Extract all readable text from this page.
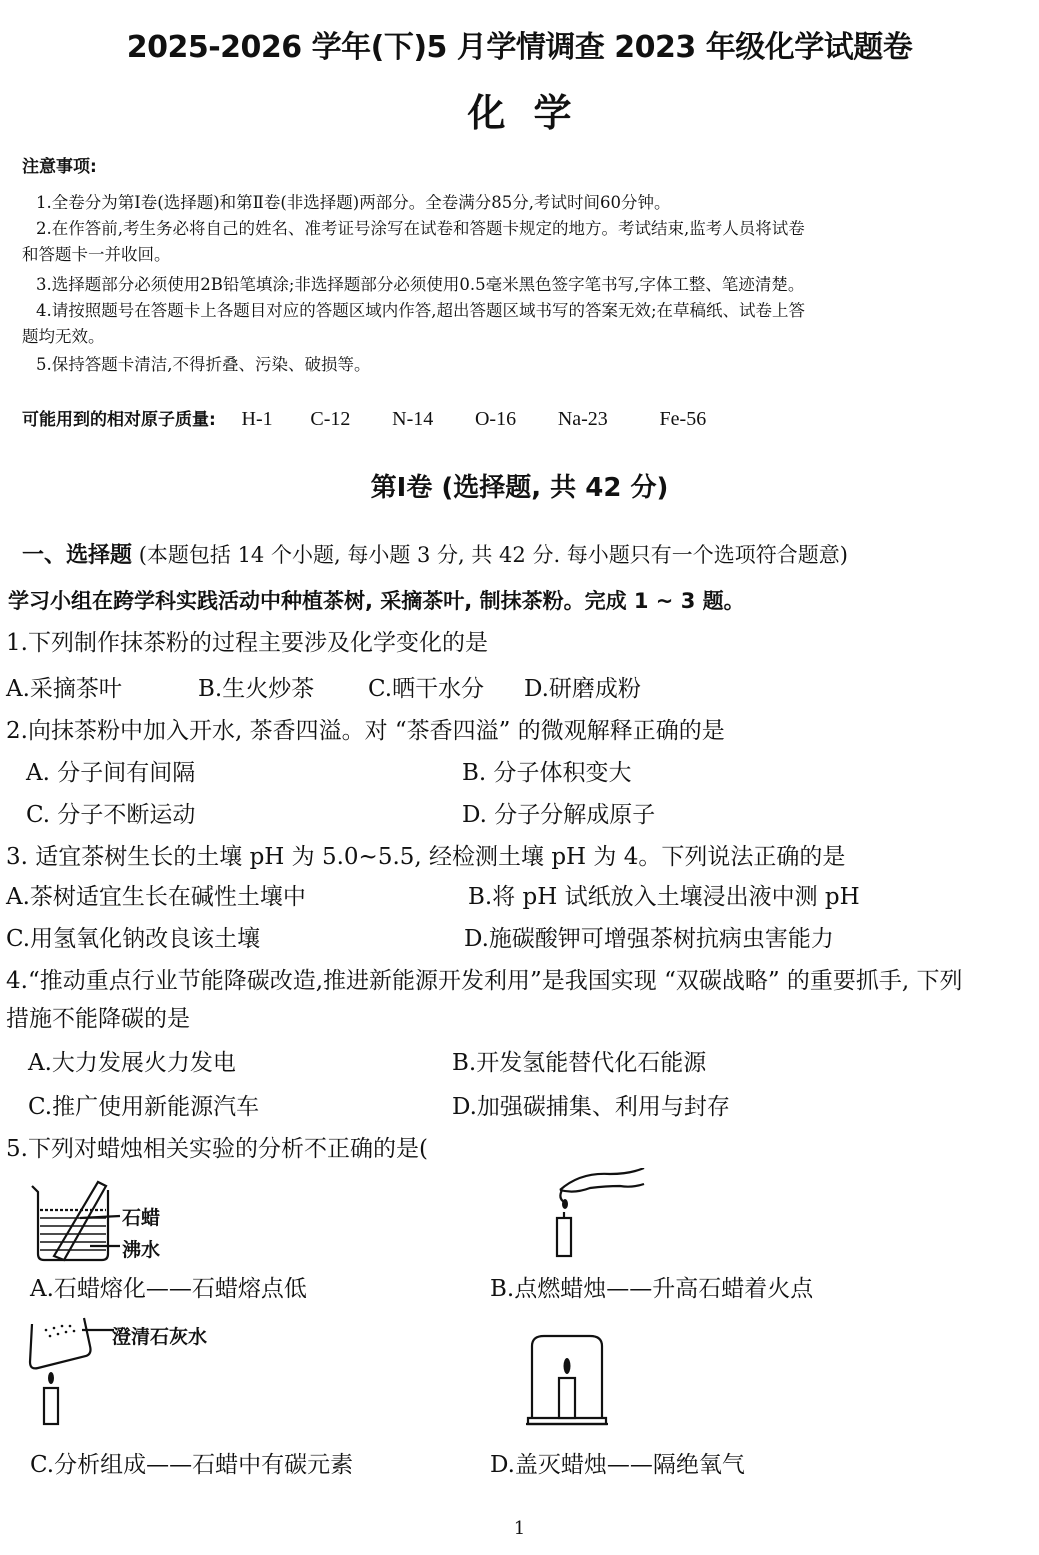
2025-2026 学年(下)5 月学情调查 2023 年级化学试题卷
化学
注意事项:
1.全卷分为第Ⅰ卷(选择题)和第Ⅱ卷(非选择题)两部分。全卷满分85分,考试时间60分钟。
2.在作答前,考生务必将自己的姓名、准考证号涂写在试卷和答题卡规定的地方。考试结束,监考人员将试卷
和答题卡一并收回。
3.选择题部分必须使用2B铅笔填涂;非选择题部分必须使用0.5毫米黑色签字笔书写,字体工整、笔迹清楚。
4.请按照题号在答题卡上各题目对应的答题区域内作答,超出答题区域书写的答案无效;在草稿纸、试卷上答
题均无效。
5.保持答题卡清洁,不得折叠、污染、破损等。
可能用到的相对原子质量: H-1 C-12 N-14 O-16 Na-23	Fe-56
第Ⅰ卷 (选择题, 共 42 分)
一、选择题 (本题包括 14 个小题, 每小题 3 分, 共 42 分. 每小题只有一个选项符合题意)
学习小组在跨学科实践活动中种植茶树, 采摘茶叶, 制抹茶粉。完成 1 ~ 3 题。
1.下列制作抹茶粉的过程主要涉及化学变化的是
A.采摘茶叶	B.生火炒茶 C.晒干水分 D.研磨成粉
2.向抹茶粉中加入开水, 茶香四溢。对 “茶香四溢” 的微观解释正确的是
A. 分子间有间隔	B. 分子体积变大
C. 分子不断运动	D. 分子分解成原子
3. 适宜茶树生长的土壤 pH 为 5.0~5.5, 经检测土壤 pH 为 4。下列说法正确的是
A.茶树适宜生长在碱性土壤中	B.将 pH 试纸放入土壤浸出液中测 pH
C.用氢氧化钠改良该土壤	D.施碳酸钾可增强茶树抗病虫害能力
4.“推动重点行业节能降碳改造,推进新能源开发利用”是我国实现 “双碳战略” 的重要抓手, 下列
措施不能降碳的是
A.大力发展火力发电	B.开发氢能替代化石能源
C.推广使用新能源汽车	D.加强碳捕集、利用与封存
5.下列对蜡烛相关实验的分析不正确的是(
石蜡
沸水
A.石蜡熔化——石蜡熔点低	B.点燃蜡烛——升高石蜡着火点
澄清石灰水
C.分析组成——石蜡中有碳元素	D.盖灭蜡烛——隔绝氧气
1
